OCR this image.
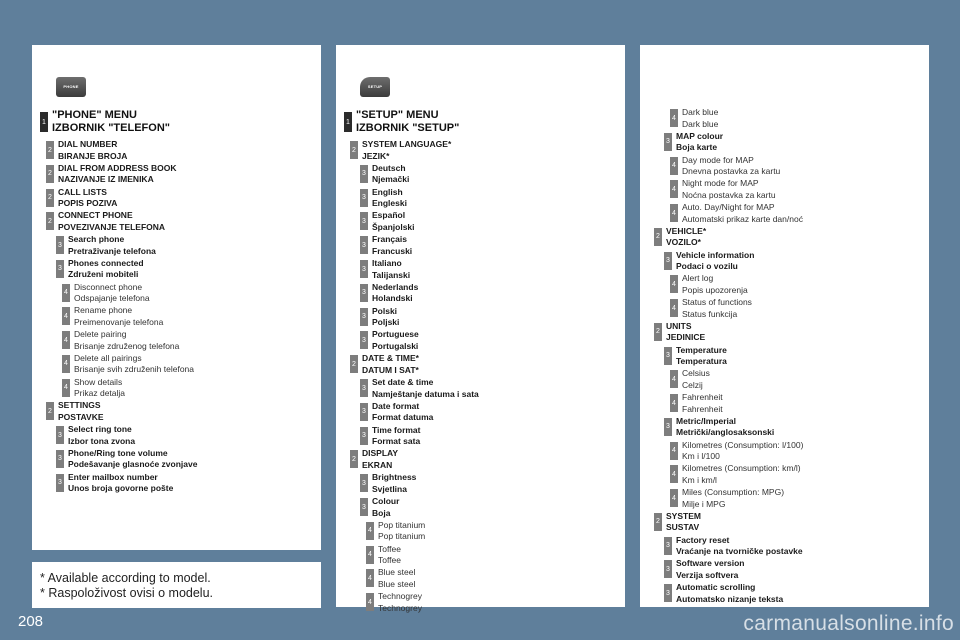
PHONE
1
"PHONE" MENU
IZBORNIK "TELEFON"
2
DIAL NUMBER
BIRANJE BROJA
2
DIAL FROM ADDRESS BOOK
NAZIVANJE IZ IMENIKA
2
CALL LISTS
POPIS POZIVA
2
CONNECT PHONE
POVEZIVANJE TELEFONA
3
Search phone
Pretraživanje telefona
3
Phones connected
Združeni mobiteli
4
Disconnect phone
Odspajanje telefona
4
Rename phone
Preimenovanje telefona
4
Delete pairing
Brisanje združenog telefona
4
Delete all pairings
Brisanje svih združenih telefona
4
Show details
Prikaz detalja
2
SETTINGS
POSTAVKE
3
Select ring tone
Izbor tona zvona
3
Phone/Ring tone volume
Podešavanje glasnoće zvonjave
3
Enter mailbox number
Unos broja govorne pošte
SETUP
1
"SETUP" MENU
IZBORNIK "SETUP"
2
SYSTEM LANGUAGE*
JEZIK*
3
Deutsch
Njemački
3
English
Engleski
3
Español
Španjolski
3
Français
Francuski
3
Italiano
Talijanski
3
Nederlands
Holandski
3
Polski
Poljski
3
Portuguese
Portugalski
2
DATE & TIME*
DATUM I SAT*
3
Set date & time
Namještanje datuma i sata
3
Date format
Format datuma
3
Time format
Format sata
2
DISPLAY
EKRAN
3
Brightness
Svjetlina
3
Colour
Boja
4
Pop titanium
Pop titanium
4
Toffee
Toffee
4
Blue steel
Blue steel
4
Technogrey
Technogrey
4
Dark blue
Dark blue
3
MAP colour
Boja karte
4
Day mode for MAP
Dnevna postavka za kartu
4
Night mode for MAP
Noćna postavka za kartu
4
Auto. Day/Night for MAP
Automatski prikaz karte dan/noć
2
VEHICLE*
VOZILO*
3
Vehicle information
Podaci o vozilu
4
Alert log
Popis upozorenja
4
Status of functions
Status funkcija
2
UNITS
JEDINICE
3
Temperature
Temperatura
4
Celsius
Celzij
4
Fahrenheit
Fahrenheit
3
Metric/Imperial
Metrički/anglosaksonski
4
Kilometres (Consumption: l/100)
Km i l/100
4
Kilometres (Consumption: km/l)
Km i km/l
4
Miles (Consumption: MPG)
Milje i MPG
2
SYSTEM
SUSTAV
3
Factory reset
Vraćanje na tvorničke postavke
3
Software version
Verzija softvera
3
Automatic scrolling
Automatsko nizanje teksta
* Available according to model.
* Raspoloživost ovisi o modelu.
208	carmanualsonline.info
